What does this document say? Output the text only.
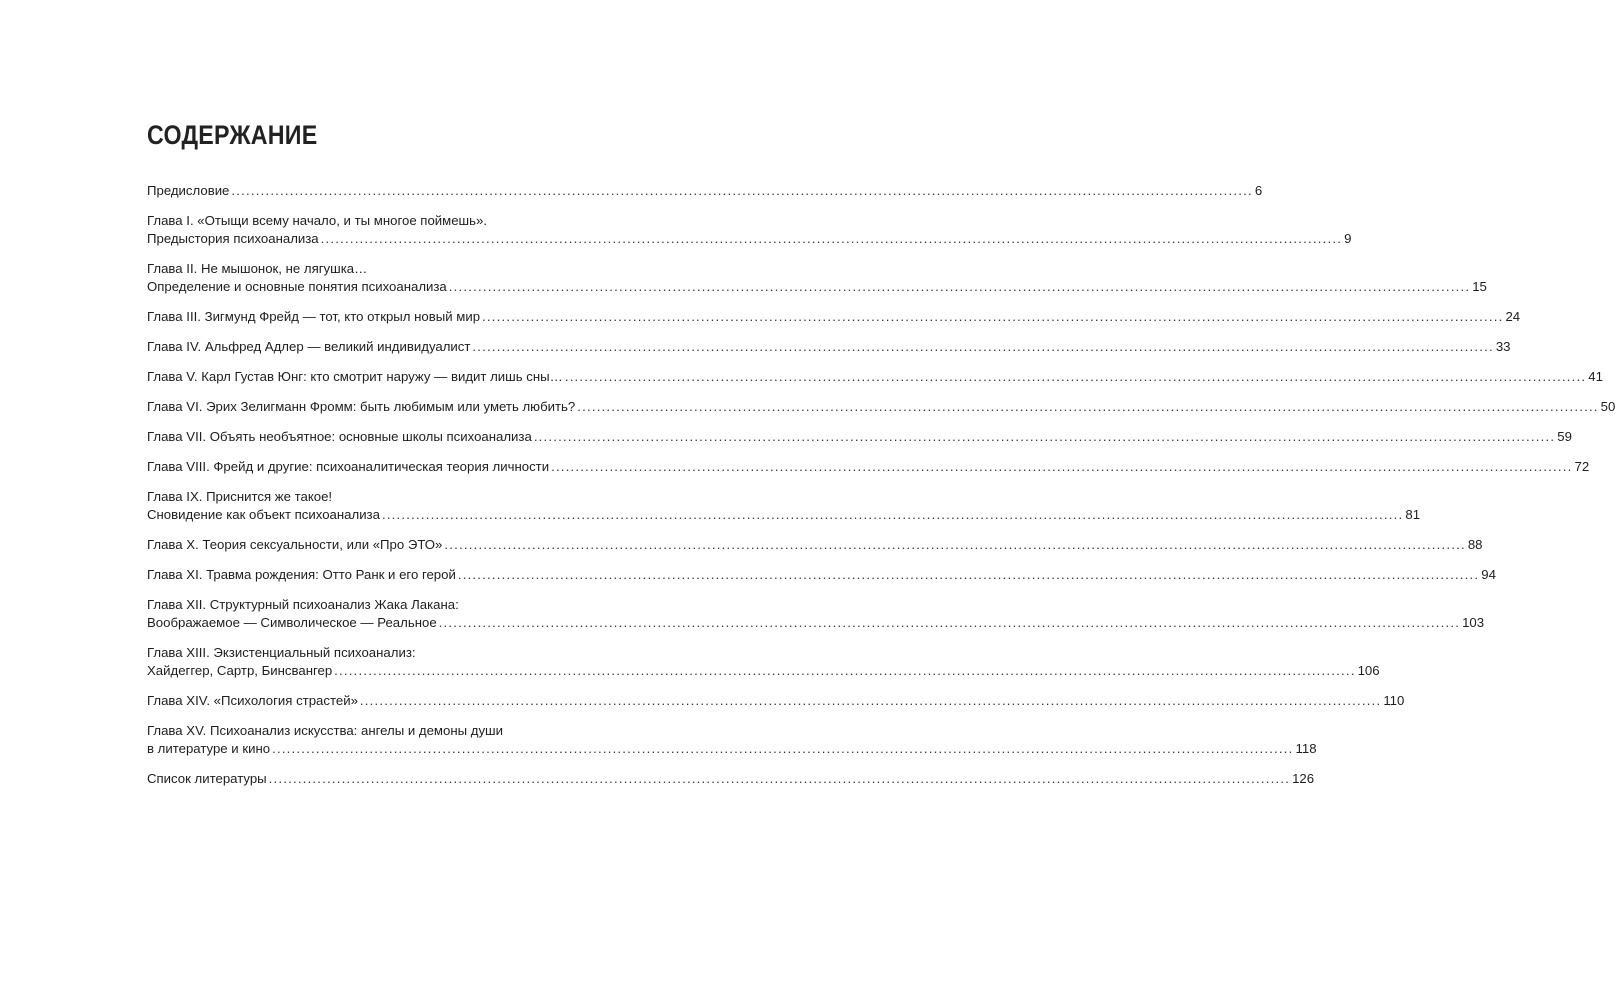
СОДЕРЖАНИЕ
Предисловие .................................................................................................................................................................................................................. 6
Глава I. «Отыщи всему начало, и ты многое поймешь».
Предыстория психоанализа .................................................................................................................................................................................................................. 9
Глава II. Не мышонок, не лягушка…
Определение и основные понятия психоанализа .................................................................................................................................................................................................................. 15
Глава III. Зигмунд Фрейд — тот, кто открыл новый мир .................................................................................................................................................................................................................. 24
Глава IV. Альфред Адлер — великий индивидуалист .................................................................................................................................................................................................................. 33
Глава V. Карл Густав Юнг: кто смотрит наружу — видит лишь сны… .................................................................................................................................................................................................................. 41
Глава VI. Эрих Зелигманн Фромм: быть любимым или уметь любить? .................................................................................................................................................................................................................. 50
Глава VII. Объять необъятное: основные школы психоанализа .................................................................................................................................................................................................................. 59
Глава VIII. Фрейд и другие: психоаналитическая теория личности .................................................................................................................................................................................................................. 72
Глава IX. Приснится же такое!
Сновидение как объект психоанализа .................................................................................................................................................................................................................. 81
Глава X. Теория сексуальности, или «Про ЭТО» .................................................................................................................................................................................................................. 88
Глава XI. Травма рождения: Отто Ранк и его герой .................................................................................................................................................................................................................. 94
Глава XII. Структурный психоанализ Жака Лакана:
Воображаемое — Символическое — Реальное .................................................................................................................................................................................................................. 103
Глава XIII. Экзистенциальный психоанализ:
Хайдеггер, Сартр, Бинсвангер .................................................................................................................................................................................................................. 106
Глава XIV. «Психология страстей» .................................................................................................................................................................................................................. 110
Глава XV. Психоанализ искусства: ангелы и демоны души
в литературе и кино .................................................................................................................................................................................................................. 118
Список литературы .................................................................................................................................................................................................................. 126
